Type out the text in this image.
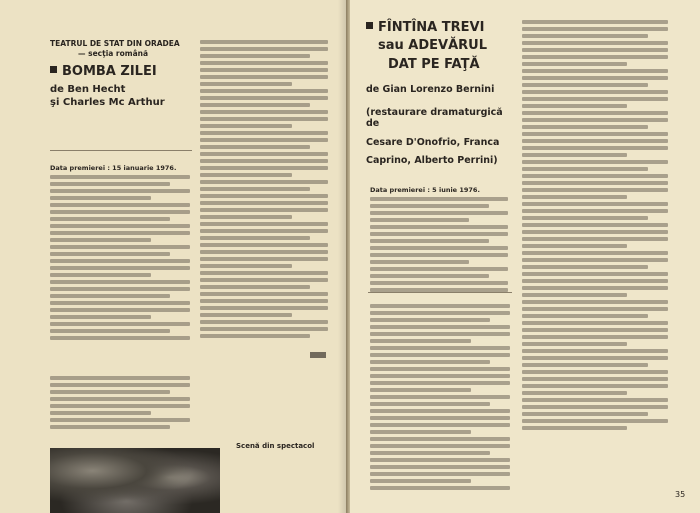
TEATRUL DE STAT DIN ORADEA
— secţia română
BOMBA ZILEI
de Ben Hecht
şi Charles Mc Arthur
Data premierei : 15 ianuarie 1976.
Scenă din spectacol
FÎNTÎNA TREVI
sau ADEVĂRUL
DAT PE FAŢĂ
de Gian Lorenzo Bernini
(restaurare dramaturgică de
Cesare D'Onofrio, Franca
Caprino, Alberto Perrini)
Data premierei : 5 iunie 1976.
35
